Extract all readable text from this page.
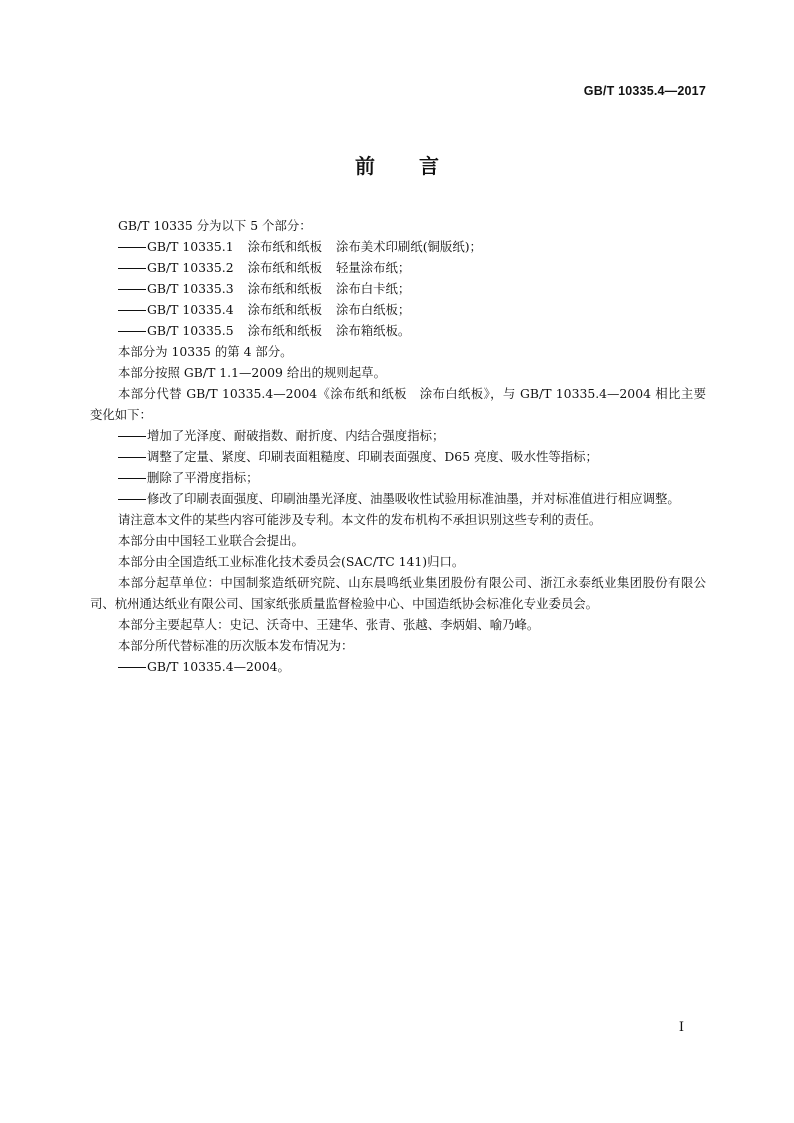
GB/T 10335.4—2017
前言

GB/T 10335 分为以下 5 个部分：

GB/T 10335.1 涂布纸和纸板 涂布美术印刷纸(铜版纸)；

GB/T 10335.2 涂布纸和纸板 轻量涂布纸；

GB/T 10335.3 涂布纸和纸板 涂布白卡纸；

GB/T 10335.4 涂布纸和纸板 涂布白纸板；

GB/T 10335.5 涂布纸和纸板 涂布箱纸板。

本部分为 10335 的第 4 部分。

本部分按照 GB/T 1.1—2009 给出的规则起草。

本部分代替 GB/T 10335.4—2004《涂布纸和纸板　涂布白纸板》，与 GB/T 10335.4—2004 相比主要变化如下：

增加了光泽度、耐破指数、耐折度、内结合强度指标；

调整了定量、紧度、印刷表面粗糙度、印刷表面强度、D65 亮度、吸水性等指标；

删除了平滑度指标；

修改了印刷表面强度、印刷油墨光泽度、油墨吸收性试验用标准油墨，并对标准值进行相应调整。

请注意本文件的某些内容可能涉及专利。本文件的发布机构不承担识别这些专利的责任。

本部分由中国轻工业联合会提出。

本部分由全国造纸工业标准化技术委员会(SAC/TC 141)归口。

本部分起草单位：中国制浆造纸研究院、山东晨鸣纸业集团股份有限公司、浙江永泰纸业集团股份有限公司、杭州通达纸业有限公司、国家纸张质量监督检验中心、中国造纸协会标准化专业委员会。

本部分主要起草人：史记、沃奇中、王建华、张青、张越、李炳娟、喻乃峰。

本部分所代替标准的历次版本发布情况为：

GB/T 10335.4—2004。

I
